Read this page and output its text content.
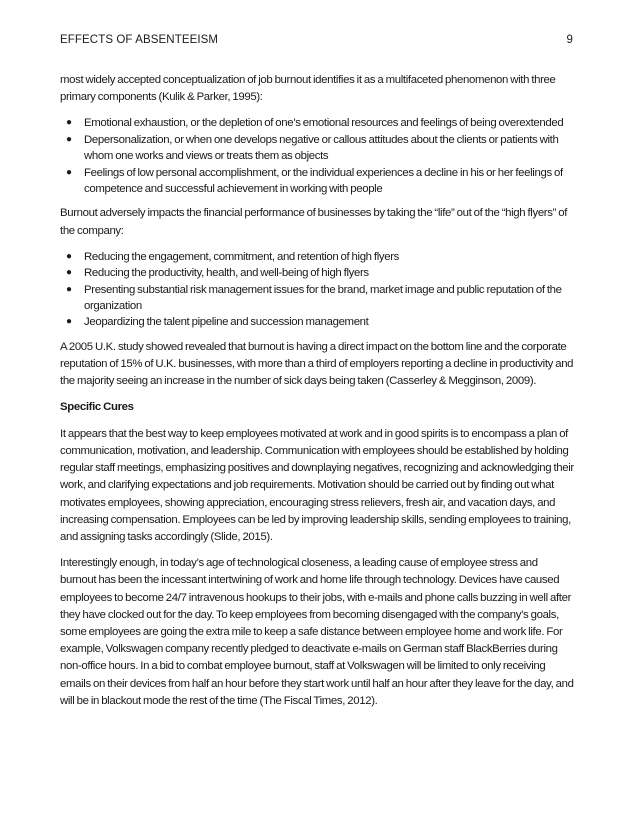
EFFECTS OF ABSENTEEISM	9

most widely accepted conceptualization of job burnout identifies it as a multifaceted phenomenon with three primary components (Kulik & Parker, 1995):

● Emotional exhaustion, or the depletion of one’s emotional resources and feelings of being overextended
● Depersonalization, or when one develops negative or callous attitudes about the clients or patients with whom one works and views or treats them as objects
● Feelings of low personal accomplishment, or the individual experiences a decline in his or her feelings of competence and successful achievement in working with people

Burnout adversely impacts the financial performance of businesses by taking the “life” out of the “high flyers” of the company:

● Reducing the engagement, commitment, and retention of high flyers
● Reducing the productivity, health, and well-being of high flyers
● Presenting substantial risk management issues for the brand, market image and public reputation of the organization
● Jeopardizing the talent pipeline and succession management

A 2005 U.K. study showed revealed that burnout is having a direct impact on the bottom line and the corporate reputation of 15% of U.K. businesses, with more than a third of employers reporting a decline in productivity and the majority seeing an increase in the number of sick days being taken (Casserley & Megginson, 2009).

Specific Cures

It appears that the best way to keep employees motivated at work and in good spirits is to encompass a plan of communication, motivation, and leadership. Communication with employees should be established by holding regular staff meetings, emphasizing positives and downplaying negatives, recognizing and acknowledging their work, and clarifying expectations and job requirements. Motivation should be carried out by finding out what motivates employees, showing appreciation, encouraging stress relievers, fresh air, and vacation days, and increasing compensation. Employees can be led by improving leadership skills, sending employees to training, and assigning tasks accordingly (Slide, 2015).

Interestingly enough, in today’s age of technological closeness, a leading cause of employee stress and burnout has been the incessant intertwining of work and home life through technology. Devices have caused employees to become 24/7 intravenous hookups to their jobs, with e-mails and phone calls buzzing in well after they have clocked out for the day. To keep employees from becoming disengaged with the company’s goals, some employees are going the extra mile to keep a safe distance between employee home and work life. For example, Volkswagen company recently pledged to deactivate e-mails on German staff BlackBerries during non-office hours. In a bid to combat employee burnout, staff at Volkswagen will be limited to only receiving emails on their devices from half an hour before they start work until half an hour after they leave for the day, and will be in blackout mode the rest of the time (The Fiscal Times, 2012).
